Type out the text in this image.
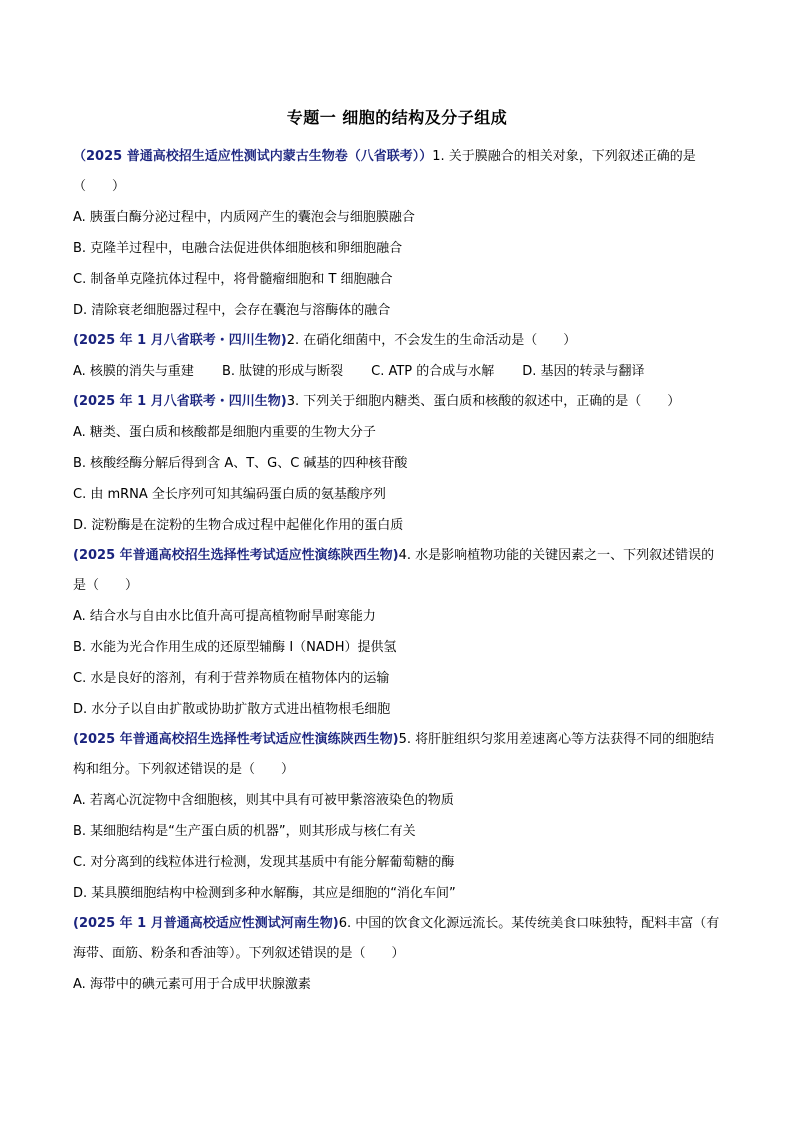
专题一 细胞的结构及分子组成

（2025 普通高校招生适应性测试内蒙古生物卷（八省联考））1. 关于膜融合的相关对象，下列叙述正确的是（　　）

A. 胰蛋白酶分泌过程中，内质网产生的囊泡会与细胞膜融合

B. 克隆羊过程中，电融合法促进供体细胞核和卵细胞融合

C. 制备单克隆抗体过程中，将骨髓瘤细胞和 T 细胞融合

D. 清除衰老细胞器过程中，会存在囊泡与溶酶体的融合

(2025 年 1 月八省联考・四川生物)2. 在硝化细菌中，不会发生的生命活动是（　　）

A. 核膜的消失与重建 B. 肽键的形成与断裂 C. ATP 的合成与水解 D. 基因的转录与翻译

(2025 年 1 月八省联考・四川生物)3. 下列关于细胞内糖类、蛋白质和核酸的叙述中，正确的是（　　）

A. 糖类、蛋白质和核酸都是细胞内重要的生物大分子

B. 核酸经酶分解后得到含 A、T、G、C 碱基的四种核苷酸

C. 由 mRNA 全长序列可知其编码蛋白质的氨基酸序列

D. 淀粉酶是在淀粉的生物合成过程中起催化作用的蛋白质

(2025 年普通高校招生选择性考试适应性演练陕西生物)4. 水是影响植物功能的关键因素之一、下列叙述错误的是（　　）

A. 结合水与自由水比值升高可提高植物耐旱耐寒能力

B. 水能为光合作用生成的还原型辅酶 I（NADH）提供氢

C. 水是良好的溶剂，有利于营养物质在植物体内的运输

D. 水分子以自由扩散或协助扩散方式进出植物根毛细胞

(2025 年普通高校招生选择性考试适应性演练陕西生物)5. 将肝脏组织匀浆用差速离心等方法获得不同的细胞结构和组分。下列叙述错误的是（　　）

A. 若离心沉淀物中含细胞核，则其中具有可被甲紫溶液染色的物质

B. 某细胞结构是“生产蛋白质的机器”，则其形成与核仁有关

C. 对分离到的线粒体进行检测，发现其基质中有能分解葡萄糖的酶

D. 某具膜细胞结构中检测到多种水解酶，其应是细胞的“消化车间”

(2025 年 1 月普通高校适应性测试河南生物)6. 中国的饮食文化源远流长。某传统美食口味独特，配料丰富（有海带、面筋、粉条和香油等）。下列叙述错误的是（　　）

A. 海带中的碘元素可用于合成甲状腺激素
